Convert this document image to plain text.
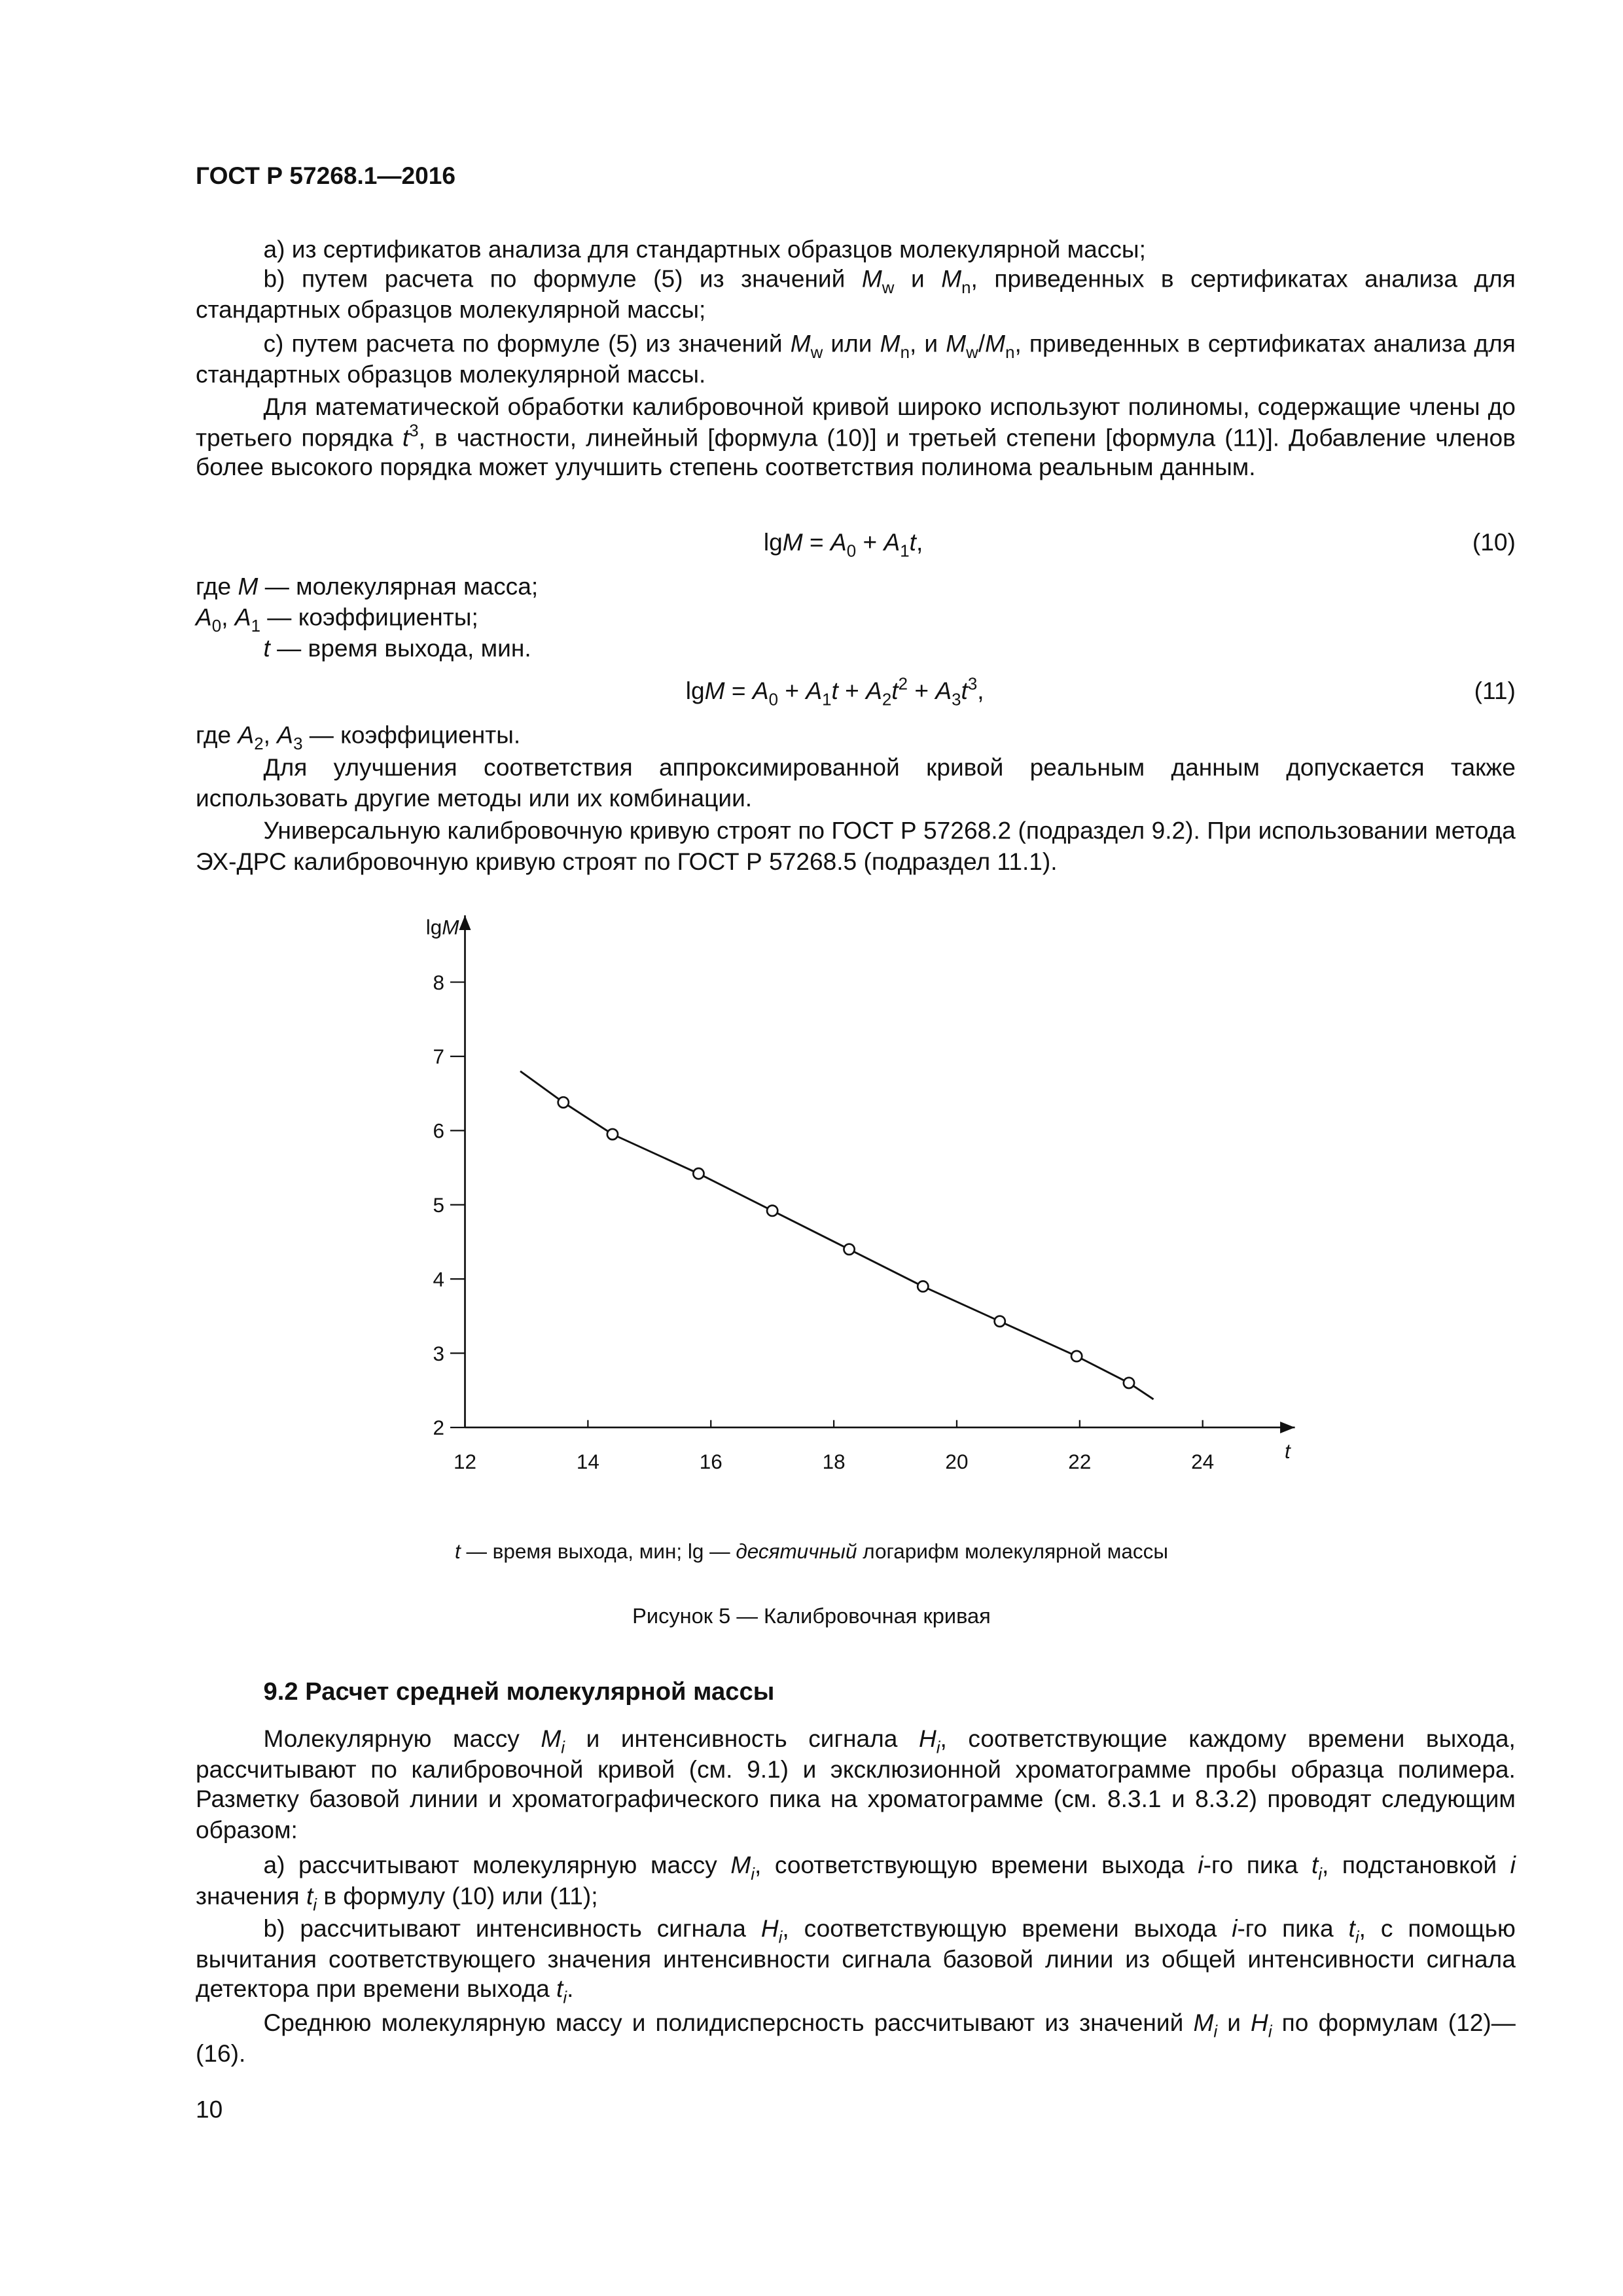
ГОСТ Р 57268.1—2016
a) из сертификатов анализа для стандартных образцов молекулярной массы;
b) путем расчета по формуле (5) из значений $M_w$ и $M_n$, приведенных в сертификатах анализа для стандартных образцов молекулярной массы;
c) путем расчета по формуле (5) из значений $M_w$ или $M_n$, и $M_w/M_n$, приведенных в сертификатах анализа для стандартных образцов молекулярной массы.
Для математической обработки калибровочной кривой широко используют полиномы, содержащие члены до третьего порядка $t^3$, в частности, линейный [формула (10)] и третьей степени [формула (11)]. Добавление членов более высокого порядка может улучшить степень соответствия полинома реальным данным.
$\lg M = A_0 + A_1t$,	(10)
где M — молекулярная масса;
$A_0$, $A_1$ — коэффициенты;
t — время выхода, мин.
$\lg M = A_0 + A_1t + A_2t^2 + A_3t^3$,	(11)
где $A_2$, $A_3$ — коэффициенты.
Для улучшения соответствия аппроксимированной кривой реальным данным допускается также использовать другие методы или их комбинации.
Универсальную калибровочную кривую строят по ГОСТ Р 57268.2 (подраздел 9.2). При использовании метода ЭХ-ДРС калибровочную кривую строят по ГОСТ Р 57268.5 (подраздел 11.1).
12	14	16	18	20	22	24
2
3
4
5
6
7
8
t
lgM
t — время выхода, мин; lg — десятичный логарифм молекулярной массы
Рисунок 5 — Калибровочная кривая
9.2 Расчет средней молекулярной массы
Молекулярную массу $M_i$ и интенсивность сигнала $H_i$, соответствующие каждому времени выхода, рассчитывают по калибровочной кривой (см. 9.1) и эксклюзионной хроматограмме пробы образца полимера. Разметку базовой линии и хроматографического пика на хроматограмме (см. 8.3.1 и 8.3.2) проводят следующим образом:
a) рассчитывают молекулярную массу $M_i$, соответствующую времени выхода i-го пика $t_i$, подстановкой i значения $t_i$ в формулу (10) или (11);
b) рассчитывают интенсивность сигнала $H_i$, соответствующую времени выхода i-го пика $t_i$, с помощью вычитания соответствующего значения интенсивности сигнала базовой линии из общей интенсивности сигнала детектора при времени выхода $t_i$.
Среднюю молекулярную массу и полидисперсность рассчитывают из значений $M_i$ и $H_i$ по формулам (12)—(16).
10
